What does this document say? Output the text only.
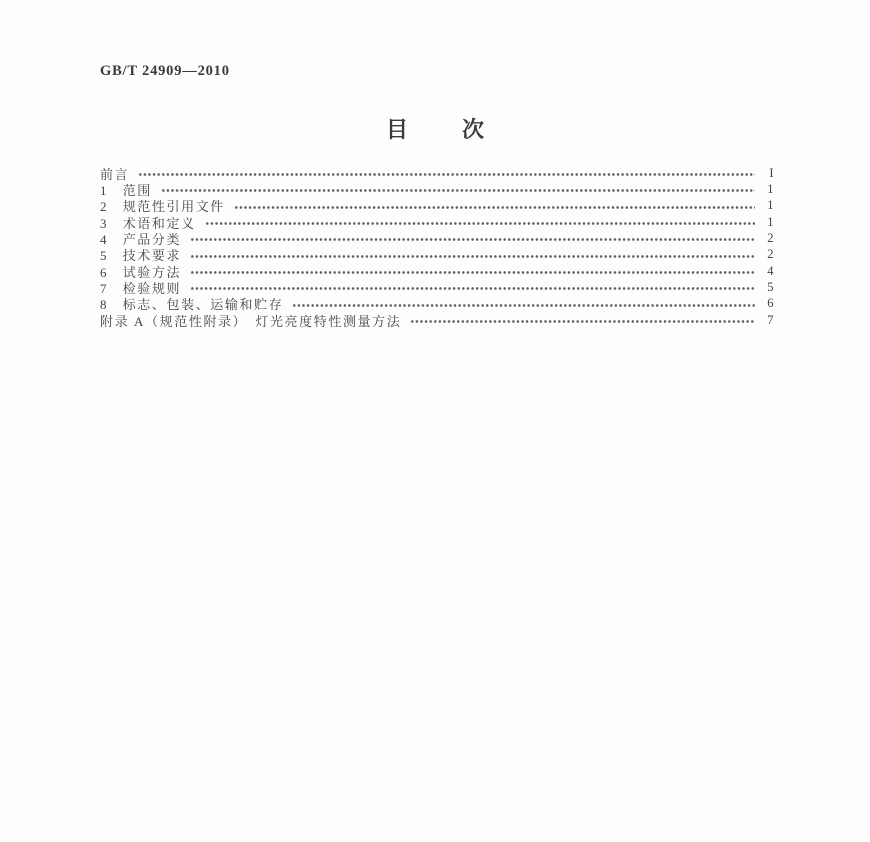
GB/T 24909—2010
目　次
前言	I
1　范围	1
2　规范性引用文件	1
3　术语和定义	1
4　产品分类	2
5　技术要求	2
6　试验方法	4
7　检验规则	5
8　标志、包装、运输和贮存	6
附录 A（规范性附录）　灯光亮度特性测量方法	7
